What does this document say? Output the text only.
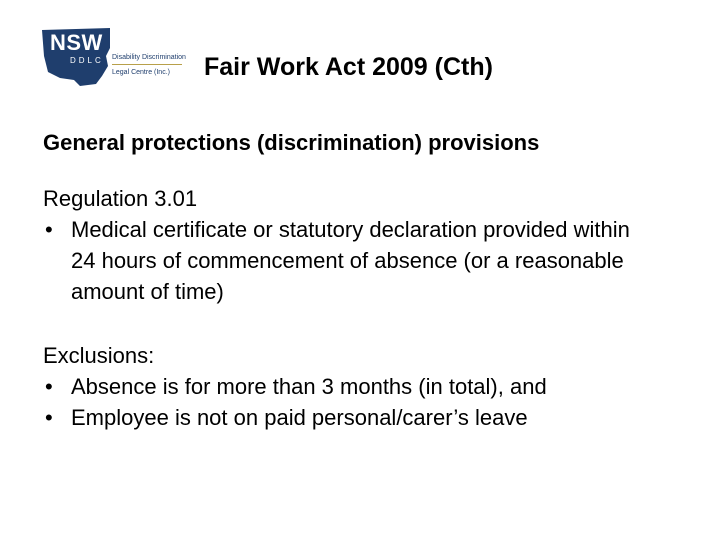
NSW
DDLC Disability Discrimination
Legal Centre (Inc.) Fair Work Act 2009 (Cth)
General protections (discrimination) provisions
Regulation 3.01
• Medical certificate or statutory declaration provided within 24 hours of commencement of absence (or a reasonable amount of time)
Exclusions:
• Absence is for more than 3 months (in total), and
• Employee is not on paid personal/carer’s leave
